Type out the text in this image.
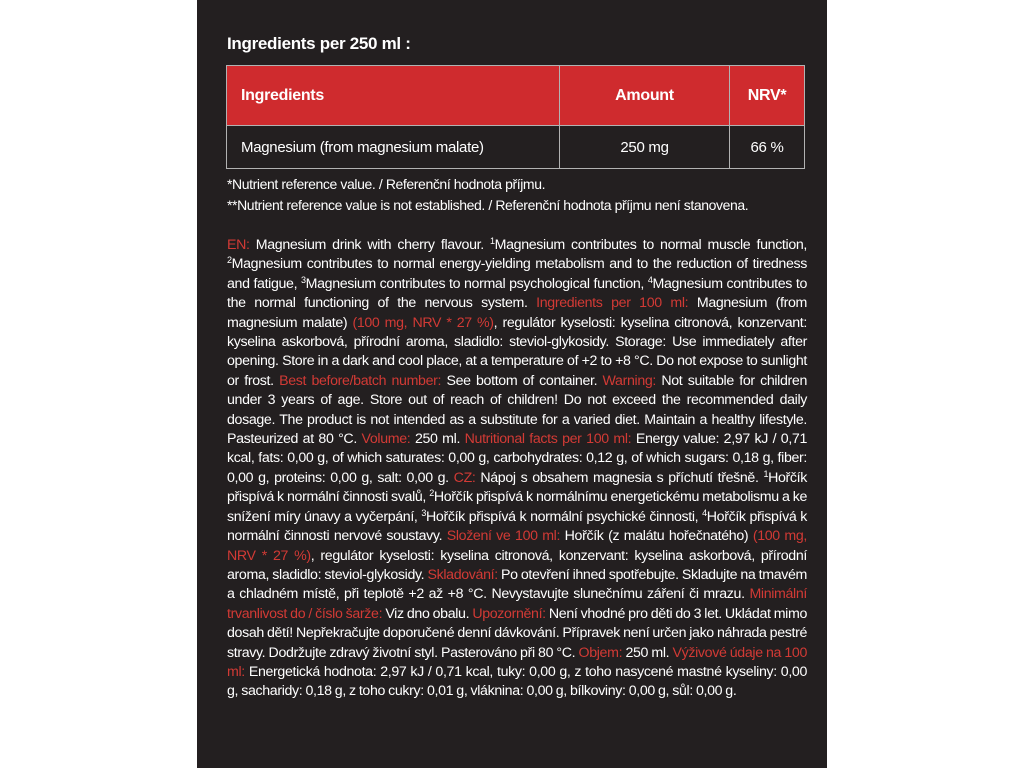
Ingredients per 250 ml :
Ingredients	Amount	NRV*
Magnesium (from magnesium malate)	250 mg	66 %
*Nutrient reference value. / Referenční hodnota příjmu.
**Nutrient reference value is not established. / Referenční hodnota příjmu není stanovena.
EN: Magnesium drink with cherry flavour. $^1$Magnesium contributes to normal muscle function, $^2$Magnesium contributes to normal energy-yielding metabolism and to the reduction of tiredness and fatigue, $^3$Magnesium contributes to normal psychological function, $^4$Magnesium contributes to the normal functioning of the nervous system. Ingredients per 100 ml: Magnesium (from magnesium malate) (100 mg, NRV * 27 %), regulátor kyselosti: kyselina citronová, konzervant: kyselina askorbová, přírodní aroma, sladidlo: steviol-glykosidy. Storage: Use immediately after opening. Store in a dark and cool place, at a temperature of +2 to +8 °C. Do not expose to sunlight or frost. Best before/batch number: See bottom of container. Warning: Not suitable for children under 3 years of age. Store out of reach of children! Do not exceed the recommended daily dosage. The product is not intended as a substitute for a varied diet. Maintain a healthy lifestyle. Pasteurized at 80 °C. Volume: 250 ml. Nutritional facts per 100 ml: Energy value: 2,97 kJ / 0,71 kcal, fats: 0,00 g, of which saturates: 0,00 g, carbohydrates: 0,12 g, of which sugars: 0,18 g, fiber: 0,00 g, proteins: 0,00 g, salt: 0,00 g. CZ: Nápoj s obsahem magnesia s příchutí třešně. $^1$Hořčík přispívá k normální činnosti svalů, $^2$Hořčík přispívá k normálnímu energetickému metabolismu a ke snížení míry únavy a vyčerpání, $^3$Hořčík přispívá k normální psychické činnosti, $^4$Hořčík přispívá k normální činnosti nervové soustavy. Složení ve 100 ml: Hořčík (z malátu hořečnatého) (100 mg, NRV * 27 %), regulátor kyselosti: kyselina citronová, konzervant: kyselina askorbová, přírodní aroma, sladidlo: steviol-glykosidy. Skladování: Po otevření ihned spotřebujte. Skladujte na tmavém a chladném místě, při teplotě +2 až +8 °C. Nevystavujte slunečnímu záření či mrazu. Minimální trvanlivost do / číslo šarže: Viz dno obalu. Upozornění: Není vhodné pro děti do 3 let. Ukládat mimo dosah dětí! Nepřekračujte doporučené denní dávkování. Přípravek není určen jako náhrada pestré stravy. Dodržujte zdravý životní styl. Pasterováno při 80 °C. Objem: 250 ml. Výživové údaje na 100 ml: Energetická hodnota: 2,97 kJ / 0,71 kcal, tuky: 0,00 g, z toho nasycené mastné kyseliny: 0,00 g, sacharidy: 0,18 g, z toho cukry: 0,01 g, vláknina: 0,00 g, bílkoviny: 0,00 g, sůl: 0,00 g.
